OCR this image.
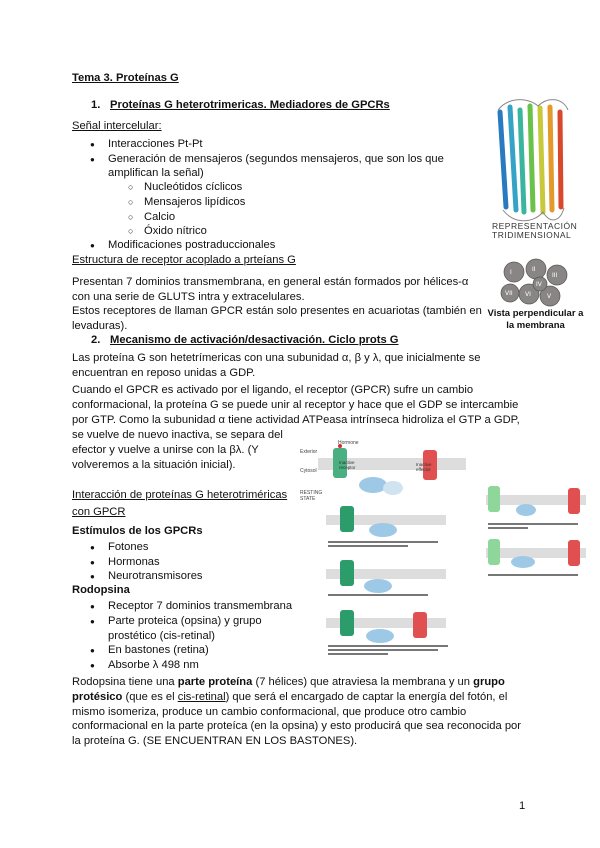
Tema 3. Proteínas G
1. Proteínas G heterotrimericas. Mediadores de GPCRs
Señal intercelular:
● Interacciones Pt-Pt
● Generación de mensajeros (segundos mensajeros, que son los que
amplifican la señal)
○ Nucleótidos cíclicos
○ Mensajeros lipídicos
○ Calcio
○ Óxido nítrico
● Modificaciones postraduccionales
Estructura de receptor acoplado a prteíans G
Presentan 7 dominios transmembrana, en general están formados por hélices-α
con una serie de GLUTS intra y extracelulares.
Estos receptores de llaman GPCR están solo presentes en acuariotas (también en
levaduras).
REPRESENTACIÓN
TRIDIMENSIONAL
I	II
III
VII VI	V
IV
Vista perpendicular a
la membrana
2. Mecanismo de activación/desactivación. Ciclo prots G
Las proteína G son hetetrímericas con una subunidad α, β y λ, que inicialmente se
encuentran en reposo unidas a GDP.
Cuando el GPCR es activado por el ligando, el receptor (GPCR) sufre un cambio
conformacional, la proteína G se puede unir al receptor y hace que el GDP se intercambie
por GTP. Como la subunidad α tiene actividad ATPeasa intrínseca hidroliza el GTP a GDP,
se vuelve de nuevo inactiva, se separa del
efector y vuelve a unirse con la βλ. (Y
volveremos a la situación inicial).
Hormone
Exterior
Cytosol
RESTING
STATE
Inactive receptor
Inactive effector
Interacción de proteínas G heterotriméricas
con GPCR
Estímulos de los GPCRs
● Fotones
● Hormonas
● Neurotransmisores
Rodopsina
● Receptor 7 dominios transmembrana
● Parte proteica (opsina) y grupo
prostético (cis-retinal)
● En bastones (retina)
● Absorbe λ 498 nm
Rodopsina tiene una parte proteína (7 hélices) que atraviesa la membrana y un grupo
protésico (que es el cis-retinal) que será el encargado de captar la energía del fotón, el
mismo isomeriza, produce un cambio conformacional, que produce otro cambio
conformacional en la parte proteíca (en la opsina) y esto producirá que sea reconocida por
la proteína G. (SE ENCUENTRAN EN LOS BASTONES).
1
